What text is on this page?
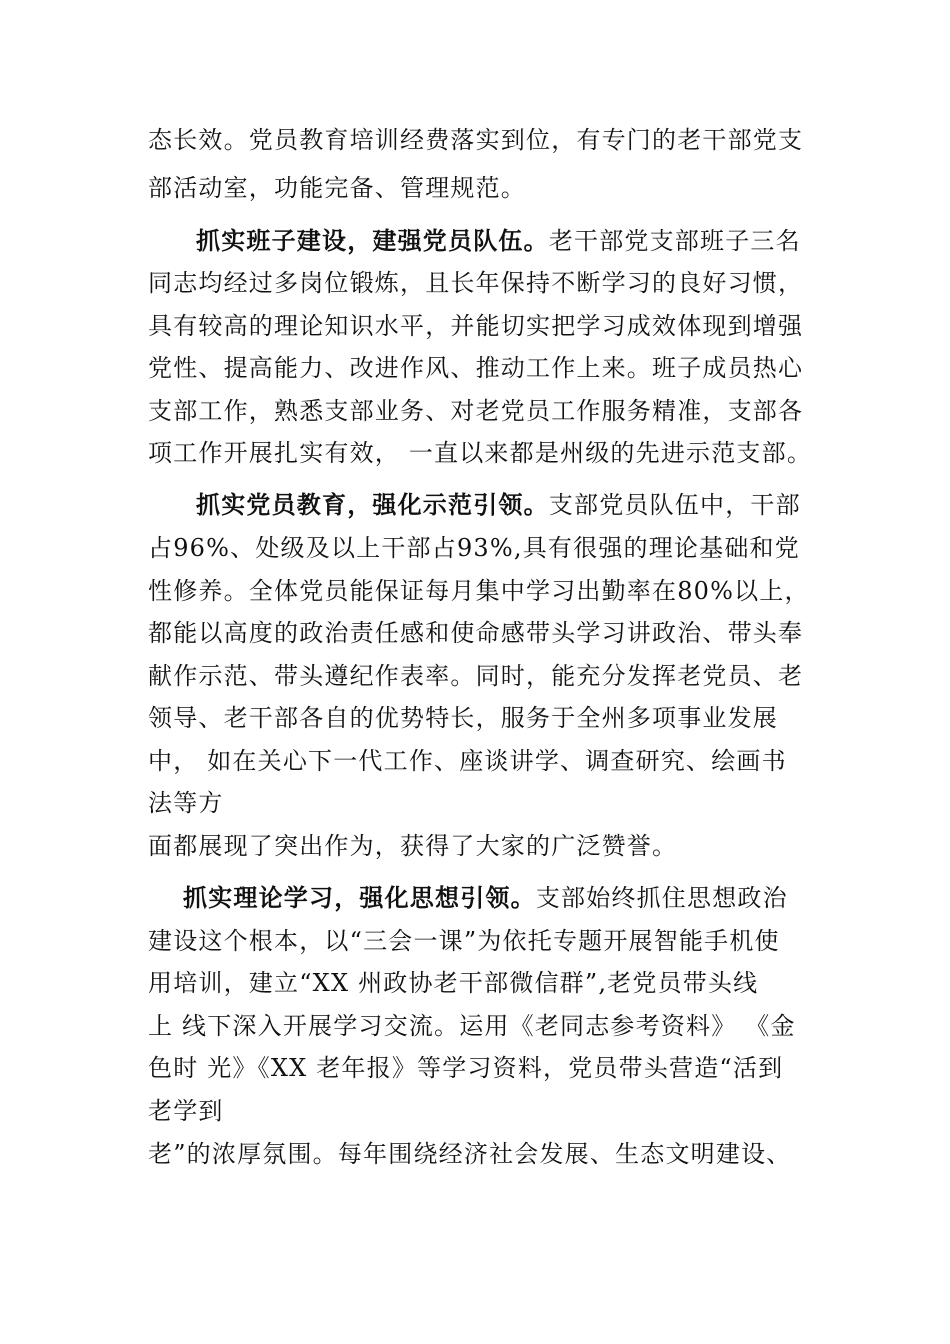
态长效。党员教育培训经费落实到位，有专门的老干部党支
部活动室，功能完备、管理规范。
抓实班子建设，建强党员队伍。老干部党支部班子三名
同志均经过多岗位锻炼，且长年保持不断学习的良好习惯，
具有较高的理论知识水平，并能切实把学习成效体现到增强
党性、提高能力、改进作风、推动工作上来。班子成员热心
支部工作，熟悉支部业务、对老党员工作服务精准，支部各
项工作开展扎实有效， 一直以来都是州级的先进示范支部。
抓实党员教育，强化示范引领。支部党员队伍中，干部
占96%、处级及以上干部占93%,具有很强的理论基础和党
性修养。全体党员能保证每月集中学习出勤率在80%以上，
都能以高度的政治责任感和使命感带头学习讲政治、带头奉
献作示范、带头遵纪作表率。同时，能充分发挥老党员、老
领导、老干部各自的优势特长，服务于全州多项事业发展
中， 如在关心下一代工作、座谈讲学、调查研究、绘画书
法等方
面都展现了突出作为，获得了大家的广泛赞誉。
抓实理论学习，强化思想引领。支部始终抓住思想政治
建设这个根本，以“三会一课”为依托专题开展智能手机使
用培训，建立“XX 州政协老干部微信群”,老党员带头线
上 线下深入开展学习交流。运用《老同志参考资料》 《金
色时 光》《XX 老年报》等学习资料，党员带头营造“活到
老学到
老”的浓厚氛围。每年围绕经济社会发展、生态文明建设、
